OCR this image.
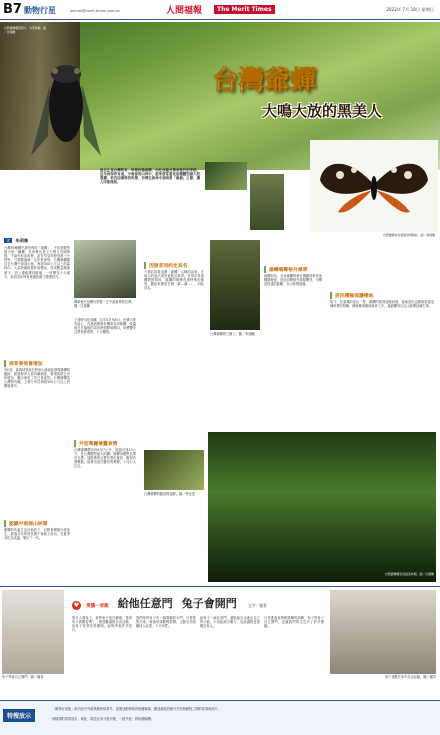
B7 動物行星	animal@merit-times.com.tw	人間福報	The Merit Times	2022年 7月 10日 星期日
台灣爺蟬
大鳴大放的黑美人
台灣爺蟬體型碩大、外型華麗。圖／沈瑞騰
最近正是台灣特有、珍稀物種爺蟬，羽化成蟲及傳承後代的季節，近年因保育有成，中南部的山林中，愈來愈常看見這種體型碩大的黑蟬，低沉而渾厚的叫聲，彷彿在森林中高唱著「爺爺」之歌，讓人印象深刻。
台灣爺蟬具有翅膀透明脈紋。圖／黃瑞騰
文 朱莉雅
台灣55種蟬中最特殊的「爺蟬」，不但是體型最大的一種蟬，其叫聲也是又大聲又具韻律感，不論外形或叫聲，甚至罕見的程度都十分特殊，只要聽過就一定印象深刻。台灣爺蟬棲息在台灣中南部山林，海拔500公尺以上的森林內，大量被補捉製作成標本，造成數量嚴重減少，加上棲地遭到破壞，一度變得十分稀少，直到近年保育意識抬頭才慢慢回升。
保育奏效喜增加
3年前，嘉義林管處在阿里山溪流區發現爺蟬的蹤跡，經過保育人員持續調查，發現族群已有所增加，顯示保育工作已見成效。台灣爺蟬為台灣特有種，主要分布於海拔500公尺以上的闊葉林中。
認識中南部山林間
爺蟬的幼蟲生活在地底下，以吸食樹根汁液為生，經過多年的成長期才會破土而出，在夏季羽化為成蟲，繁衍下一代。
傳承後代是蟬兒短暫一生中最重要的任務。圖／沈瑞騰
上爬時羽化成蟬，往年5月至8月，民眾只要有留心，在溪流間就有機會見到爺蟬，成蟲會在日落後的黃昏時刻開始鳴叫，叫聲響亮且帶有節奏感，十分獨特。
外型華麗兼靈表情
台灣爺蟬體長約6至7公分，展翅可達15公分，是台灣體型最大的蟬。雄蟬身體黑色帶有光澤，翅膀透明且帶有黑色斑紋，腹部有發聲器，能發出低沉響亮的鳴聲，十分引人注目。
因發音而約定其名
不過若真要追溯「爺蟬」名稱的由來，在地人的說法或許更貼近事實。有別於其他蟬類的鳴叫，雄蟬的鳴聲有著特殊的節奏，聽起來像是在喊「爺—爺—」，因此得名。
台灣爺蟬的腹部與翅膀。圖／學徒雯
雄蟬鳴聲格外渾厚
雄蟬如同，各表雄蟬的發音器構造較其他蟬類發達，因此叫聲格外渾厚響亮，可傳達很遠的距離，在山林間迴盪。
居民積極保護棲地
如今，在嘉義阿里山一帶，爺蟬的族群逐漸回穩，當地居民也開始重視這種珍貴的物種，積極參與棲地保育工作，讓爺蟬得以在山林間延續生命。
台灣爺蟬停立樹上。圖／李瑞騰
台灣爺蟬棲息的溪流林間。圖／沈瑞騰
兔子學會自己開門。圖／播香
♥ 愛護一家親 給他任意門 兔子會開門	文字／播香
很多人養兔子，常把兔子放在籠裡，等到兔子被關習慣了，就很難讓牠自由活動，但兔子其實非常聰明，能夠學會許多技巧。
我們家的兔子有一個專屬的小門，只要牠想出來，就會用頭輕輕推開，主動走到客廳找人玩耍，十分可愛。
給兔子一扇任意門，讓牠能自由進出自己的小窩，不但能減少壓力，也能讓牠更加親近家人。
只見透過食物與獎勵的訓練，兔子學會了自己開門，也讓我們的生活多了許多樂趣。
兔子喜歡在家中自由活動。圖／播香
特搜放示
「動物行星版」除刊登中外經典動物故事外，更增加動物保育相關報導，歡迎讀者投稿分享您與動物之間的故事與照片。
來稿請附真實姓名、地址、電話及身分證字號，一經刊登，將致贈稿酬。
